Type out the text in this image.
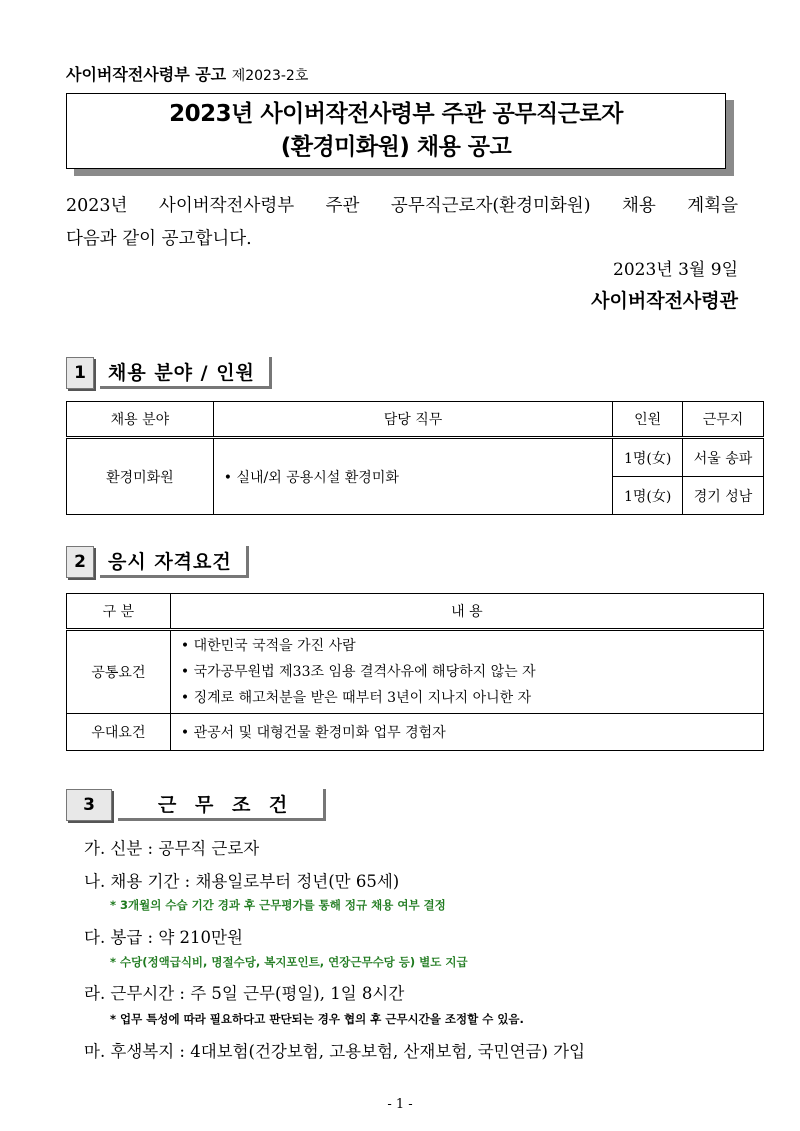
사이버작전사령부 공고 제2023-2호
2023년 사이버작전사령부 주관 공무직근로자
(환경미화원) 채용 공고
2023년 사이버작전사령부 주관 공무직근로자(환경미화원) 채용 계획을
다음과 같이 공고합니다.
2023년 3월 9일
사이버작전사령관
1	채용 분야 / 인원
채용 분야	담당 직무	인원	근무지
환경미화원	• 실내/외 공용시설 환경미화	1명(女)	서울 송파
		1명(女)	경기 성남
2	응시 자격요건
구 분	내 용
공통요건	• 대한민국 국적을 가진 사람
• 국가공무원법 제33조 임용 결격사유에 해당하지 않는 자
• 징계로 해고처분을 받은 때부터 3년이 지나지 아니한 자

우대요건	• 관공서 및 대형건물 환경미화 업무 경험자
3	근 무 조 건
가. 신분 : 공무직 근로자
나. 채용 기간 : 채용일로부터 정년(만 65세)
* 3개월의 수습 기간 경과 후 근무평가를 통해 정규 채용 여부 결정
다. 봉급 : 약 210만원
* 수당(정액급식비, 명절수당, 복지포인트, 연장근무수당 등) 별도 지급
라. 근무시간 : 주 5일 근무(평일), 1일 8시간
* 업무 특성에 따라 필요하다고 판단되는 경우 협의 후 근무시간을 조정할 수 있음.
마. 후생복지 : 4대보험(건강보험, 고용보험, 산재보험, 국민연금) 가입
- 1 -
